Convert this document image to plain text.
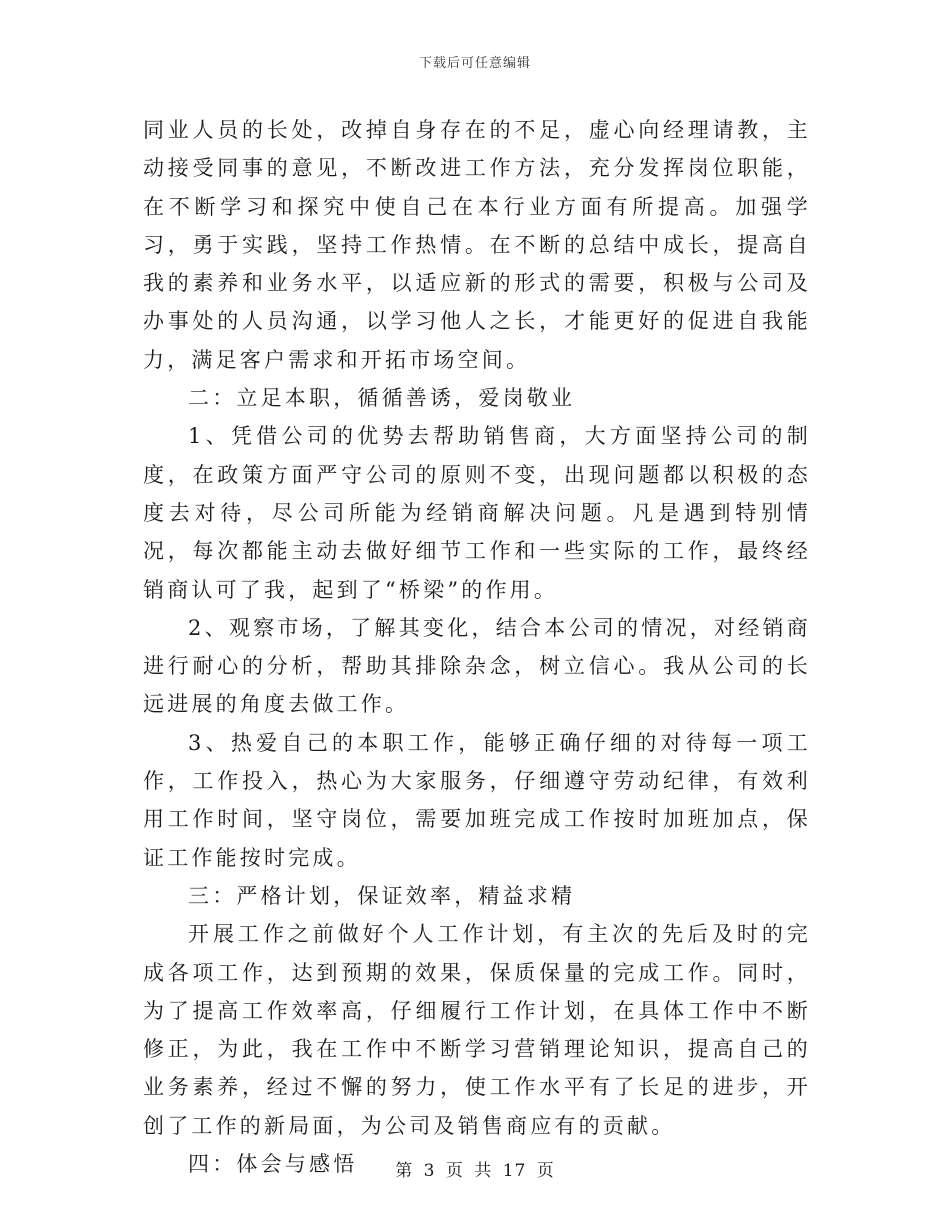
下载后可任意编辑

同业人员的长处，改掉自身存在的不足，虚心向经理请教，主动接受同事的意见，不断改进工作方法，充分发挥岗位职能，在不断学习和探究中使自己在本行业方面有所提高。加强学习，勇于实践，坚持工作热情。在不断的总结中成长，提高自我的素养和业务水平，以适应新的形式的需要，积极与公司及办事处的人员沟通，以学习他人之长，才能更好的促进自我能力，满足客户需求和开拓市场空间。

二：立足本职，循循善诱，爱岗敬业

1、凭借公司的优势去帮助销售商，大方面坚持公司的制度，在政策方面严守公司的原则不变，出现问题都以积极的态度去对待，尽公司所能为经销商解决问题。凡是遇到特别情况，每次都能主动去做好细节工作和一些实际的工作，最终经销商认可了我，起到了“桥梁”的作用。

2、观察市场，了解其变化，结合本公司的情况，对经销商进行耐心的分析，帮助其排除杂念，树立信心。我从公司的长远进展的角度去做工作。

3、热爱自己的本职工作，能够正确仔细的对待每一项工作，工作投入，热心为大家服务，仔细遵守劳动纪律，有效利用工作时间，坚守岗位，需要加班完成工作按时加班加点，保证工作能按时完成。

三：严格计划，保证效率，精益求精

开展工作之前做好个人工作计划，有主次的先后及时的完成各项工作，达到预期的效果，保质保量的完成工作。同时，为了提高工作效率高，仔细履行工作计划，在具体工作中不断修正，为此，我在工作中不断学习营销理论知识，提高自己的业务素养，经过不懈的努力，使工作水平有了长足的进步，开创了工作的新局面，为公司及销售商应有的贡献。

四：体会与感悟	第 3 页 共 17 页
